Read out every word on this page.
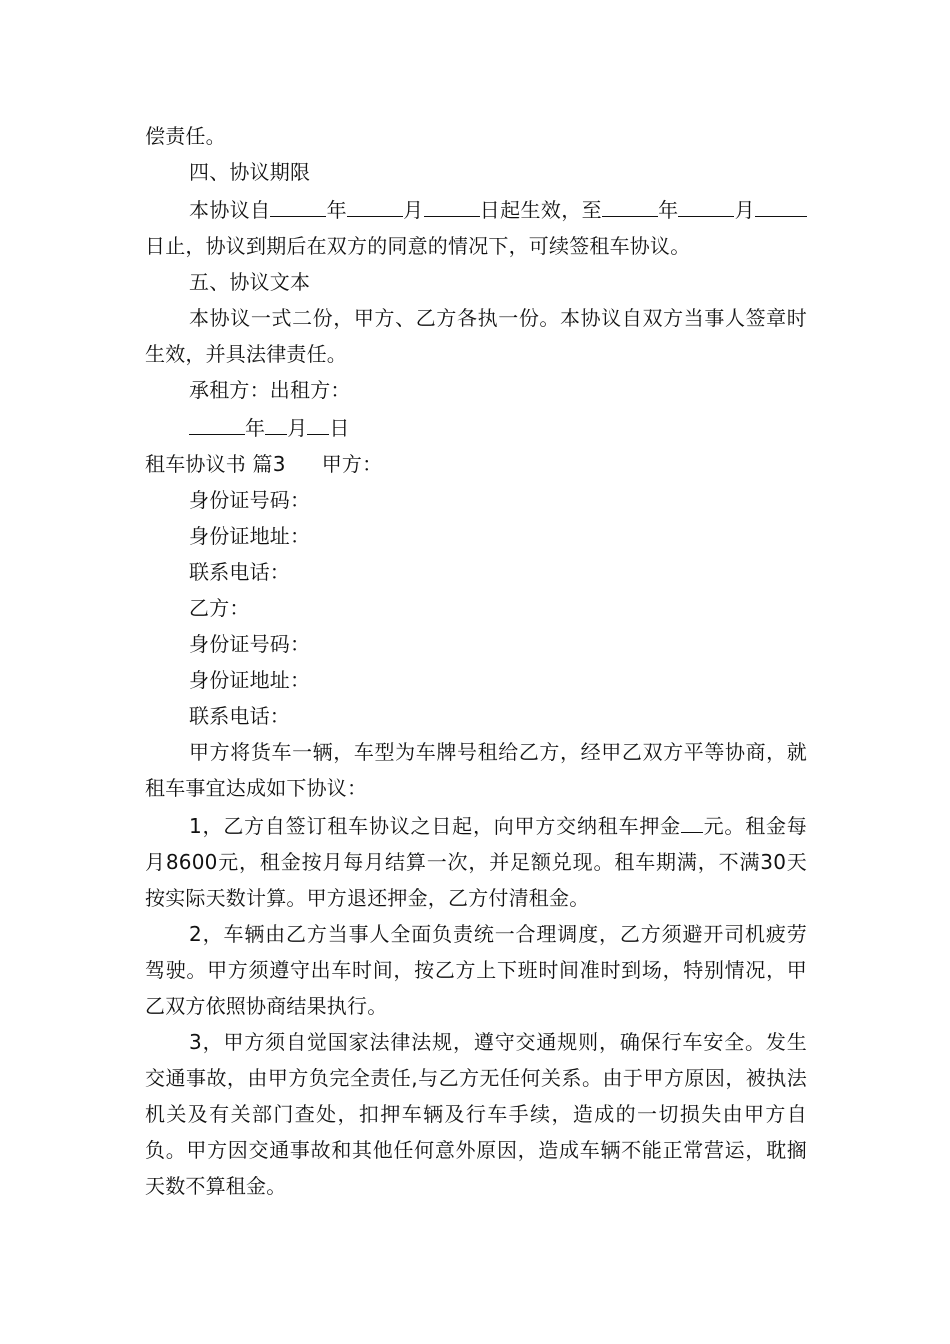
偿责任。

四、协议期限

本协议自	年	月	日起生效，至	年	月日止，协议到期后在双方的同意的情况下，可续签租车协议。

五、协议文本

本协议一式二份，甲方、乙方各执一份。本协议自双方当事人签章时生效，并具法律责任。

承租方：出租方：

年 月 日

租车协议书 篇3 甲方：

身份证号码：

身份证地址：

联系电话：

乙方：

身份证号码：

身份证地址：

联系电话：

甲方将货车一辆，车型为车牌号租给乙方，经甲乙双方平等协商，就租车事宜达成如下协议：

1，乙方自签订租车协议之日起，向甲方交纳租车押金 元。租金每月8600元，租金按月每月结算一次，并足额兑现。租车期满，不满30天按实际天数计算。甲方退还押金，乙方付清租金。

2，车辆由乙方当事人全面负责统一合理调度，乙方须避开司机疲劳驾驶。甲方须遵守出车时间，按乙方上下班时间准时到场，特别情况，甲乙双方依照协商结果执行。

3，甲方须自觉国家法律法规，遵守交通规则，确保行车安全。发生交通事故，由甲方负完全责任,与乙方无任何关系。由于甲方原因，被执法机关及有关部门查处，扣押车辆及行车手续，造成的一切损失由甲方自负。甲方因交通事故和其他任何意外原因，造成车辆不能正常营运，耽搁天数不算租金。
